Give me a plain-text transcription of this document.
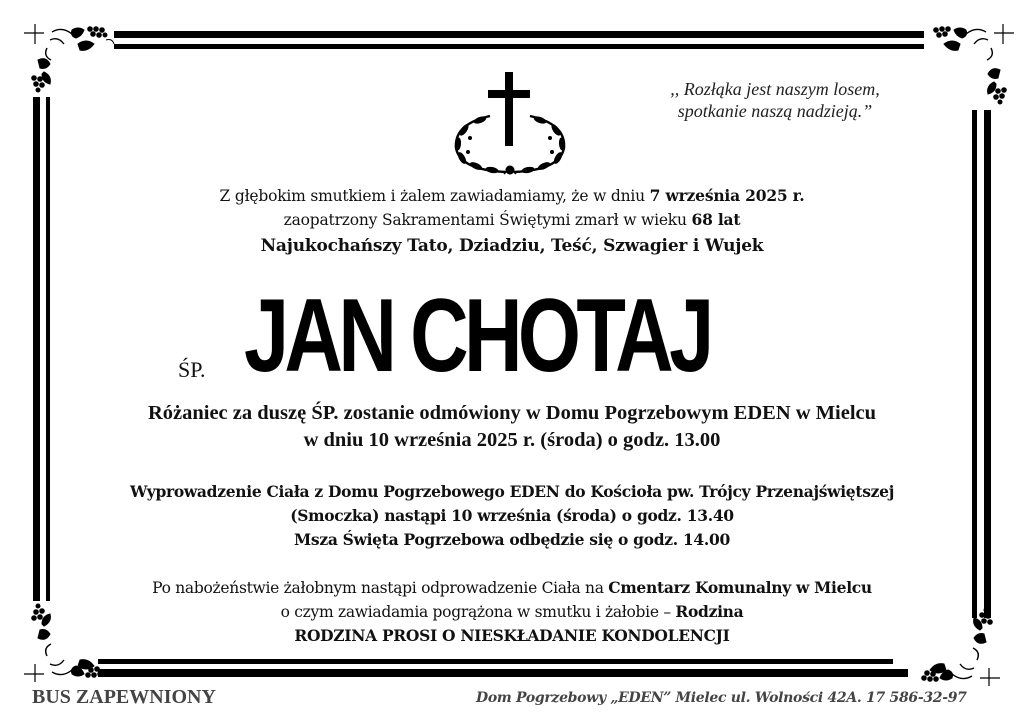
,, Rozłąka jest naszym losem,
spotkanie naszą nadzieją.”
Z głębokim smutkiem i żalem zawiadamiamy, że w dniu 7 września 2025 r.
zaopatrzony Sakramentami Świętymi zmarł w wieku 68 lat
Najukochańszy Tato, Dziadziu, Teść, Szwagier i Wujek
ŚP. JAN CHOTAJ
Różaniec za duszę ŚP. zostanie odmówiony w Domu Pogrzebowym EDEN w Mielcu
w dniu 10 września 2025 r. (środa) o godz. 13.00
Wyprowadzenie Ciała z Domu Pogrzebowego EDEN do Kościoła pw. Trójcy Przenajświętszej
(Smoczka) nastąpi 10 września (środa) o godz. 13.40
Msza Święta Pogrzebowa odbędzie się o godz. 14.00
Po nabożeństwie żałobnym nastąpi odprowadzenie Ciała na Cmentarz Komunalny w Mielcu
o czym zawiadamia pogrążona w smutku i żałobie – Rodzina
RODZINA PROSI O NIESKŁADANIE KONDOLENCJI
BUS ZAPEWNIONY	Dom Pogrzebowy „EDEN” Mielec ul. Wolności 42A. 17 586-32-97
